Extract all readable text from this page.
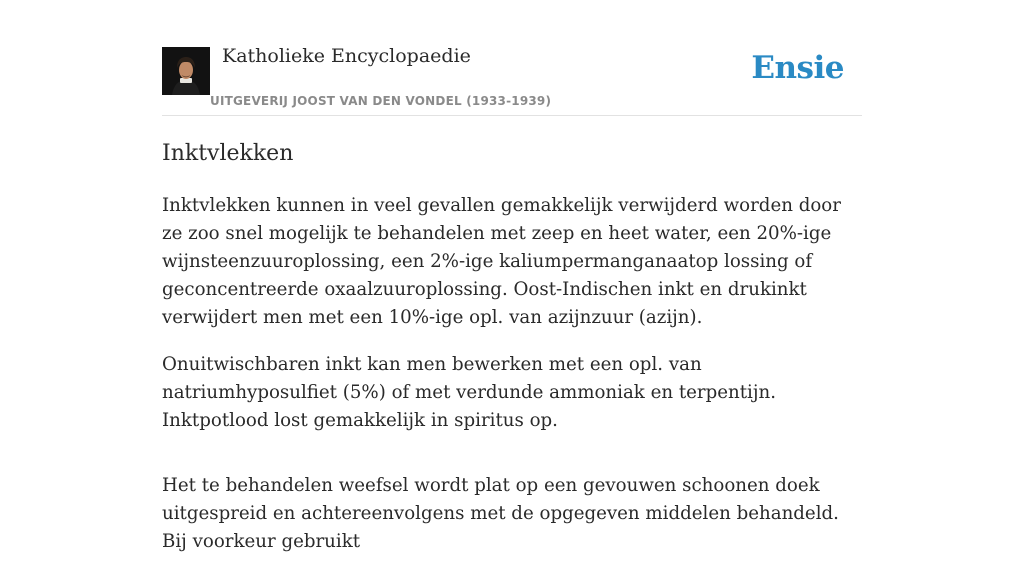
Katholieke Encyclopaedie
UITGEVERIJ JOOST VAN DEN VONDEL (1933-1939)
Ensie
Inktvlekken

Inktvlekken kunnen in veel gevallen gemakkelijk verwijderd worden door ze zoo snel mogelijk te behandelen met zeep en heet water, een 20%-ige wijnsteenzuuroplossing, een 2%-ige kaliumpermanganaatop lossing of geconcentreerde oxaalzuuroplossing. Oost-Indischen inkt en drukinkt verwijdert men met een 10%-ige opl. van azijnzuur (azijn).

Onuitwischbaren inkt kan men bewerken met een opl. van natriumhyposulfiet (5%) of met verdunde ammoniak en terpentijn. Inktpotlood lost gemakkelijk in spiritus op.

Het te behandelen weefsel wordt plat op een gevouwen schoonen doek uitgespreid en achtereenvolgens met de opgegeven middelen behandeld. Bij voorkeur gebruikt
